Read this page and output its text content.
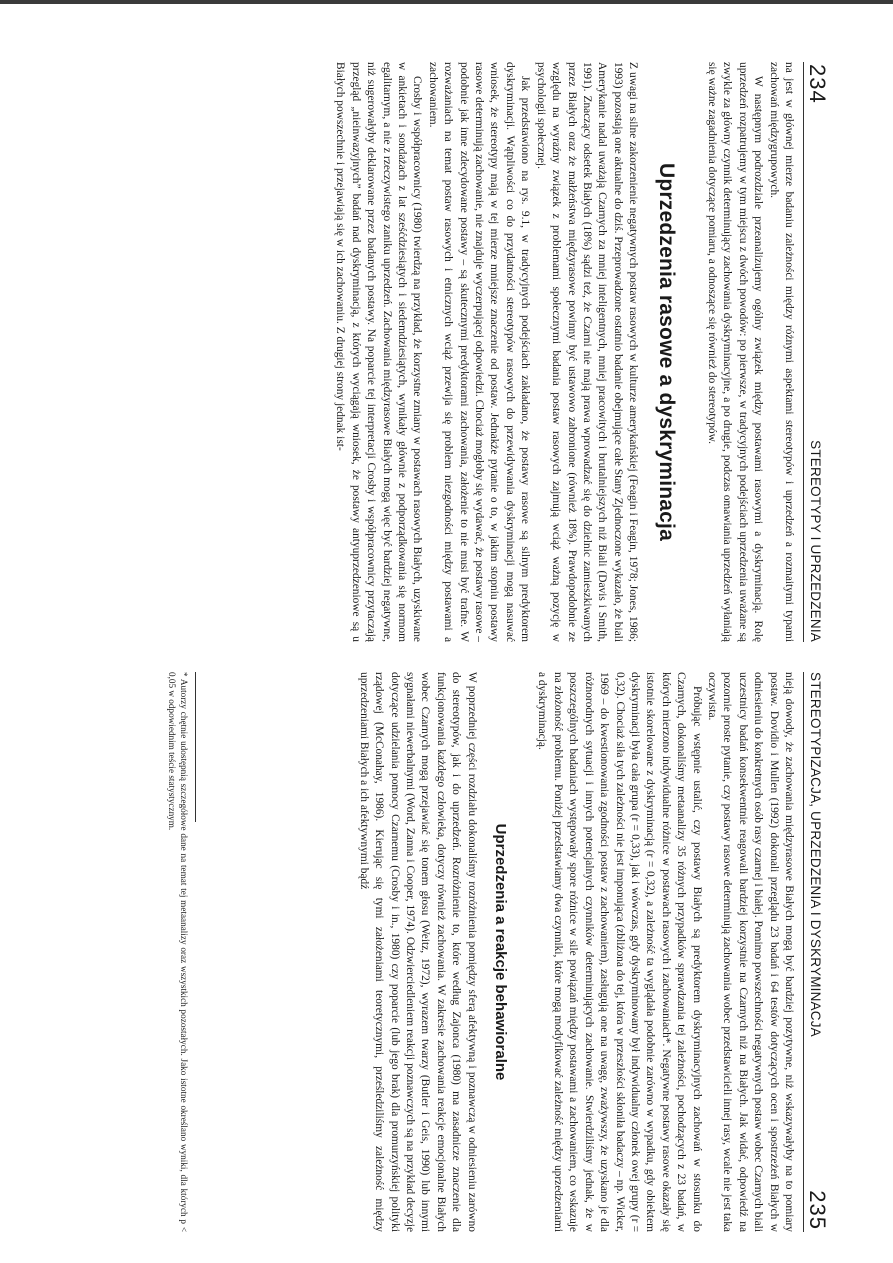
234
STEREOTYPY I UPRZEDZENIA

na jest w głównej mierze badaniu zależności między różnymi aspektami stereotypów i uprzedzeń a rozmaitymi typami zachowań międzygrupowych.

W następnym podrozdziale przeanalizujemy ogólny związek między postawami rasowymi a dyskryminacją. Rolę uprzedzeń rozpatrujemy w tym miejscu z dwóch powodów: po pierwsze, w tradycyjnych podejściach uprzedzenia uważane są zwykle za główny czynnik determinujący zachowania dyskryminacyjne, a po drugie, podczas omawiania uprzedzeń wyłaniają się ważne zagadnienia dotyczące pomiaru, a odnoszące się również do stereotypów.

Uprzedzenia rasowe a dyskryminacja

Z uwagi na silne zakorzenienie negatywnych postaw rasowych w kulturze amerykańskiej (Feagin i Feagin, 1978; Jones, 1986; 1993) pozostają one aktualne do dziś. Przeprowadzone ostatnio badanie obejmujące całe Stany Zjednoczone wykazało, że biali Amerykanie nadal uważają Czarnych za mniej inteligentnych, mniej pracowitych i brutalniejszych niż Biali (Davis i Smith, 1991). Znaczący odsetek Białych (18%) sądzi też, że Czarni nie mają prawa wprowadzać się do dzielnic zamieszkiwanych przez Białych oraz że małżeństwa międzyrasowe powinny być ustawowo zabronione (również 18%). Prawdopodobnie ze względu na wyraźny związek z problemami społecznymi badania postaw rasowych zajmują wciąż ważną pozycję w psychologii społecznej.

Jak przedstawiono na rys. 9.1, w tradycyjnych podejściach zakładano, że postawy rasowe są silnym predyktorem dyskryminacji. Wątpliwości co do przydatności stereotypów rasowych do przewidywania dyskryminacji mogą nasuwać wniosek, że stereotypy mają w tej mierze mniejsze znaczenie od postaw. Jednakże pytanie o to, w jakim stopniu postawy rasowe determinują zachowanie, nie znajduje wyczerpującej odpowiedzi. Chociaż mogłoby się wydawać, że postawy rasowe – podobnie jak inne zdecydowane postawy – są skutecznymi predyktorami zachowania, założenie to nie musi być trafne. W rozważaniach na temat postaw rasowych i etnicznych wciąż przewija się problem niezgodności między postawami a zachowaniem.

Crosby i współpracownicy (1980) twierdzą na przykład, że korzystne zmiany w postawach rasowych Białych, uzyskiwane w ankietach i sondażach z lat sześćdziesiątych i siedemdziesiątych, wynikały głównie z podporządkowania się normom egalitarnym, a nie z rzeczywistego zaniku uprzedzeń. Zachowania międzyrasowe Białych mogą więc być bardziej negatywne, niż sugerowałyby deklarowane przez badanych postawy. Na poparcie tej interpretacji Crosby i współpracownicy przytaczają przegląd „nieinwazyjnych” badań nad dyskryminacją, z których wyciągają wniosek, że postawy antyuprzedzeniowe są u Białych powszechnie i przejawiają się w ich zachowaniu. Z drugiej strony jednak ist-

STEREOTYPIZACJA, UPRZEDZENIA I DYSKRYMINACJA
235

nieją dowody, że zachowania międzyrasowe Białych mogą być bardziej pozytywne, niż wskazywałyby na to pomiary postaw. Dovidio i Mullen (1992) dokonali przeglądu 23 badań i 64 testów dotyczących ocen i spostrzeżeń Białych w odniesieniu do konkretnych osób rasy czarnej i białej. Pomimo powszechności negatywnych postaw wobec Czarnych biali uczestnicy badań konsekwentnie reagowali bardziej korzystnie na Czarnych niż na Białych. Jak widać, odpowiedź na pozornie proste pytanie, czy postawy rasowe determinują zachowania wobec przedstawicieli innej rasy, wcale nie jest taka oczywista.

Próbując wstępnie ustalić, czy postawy Białych są predyktorem dyskryminacyjnych zachowań w stosunku do Czarnych, dokonaliśmy metaanalizy 35 różnych przypadków sprawdzania tej zależności, pochodzących z 23 badań, w których mierzono indywidualne różnice w postawach rasowych i zachowaniach*. Negatywne postawy rasowe okazały się istotnie skorelowane z dyskryminacją (r = 0,32), a zależność ta wyglądała podobnie zarówno w wypadku, gdy obiektem dyskryminacji była cała grupa (r = 0,33), jak i wówczas, gdy dyskryminowany był indywidualny członek owej grupy (r = 0,32). Chociaż siła tych zależności nie jest imponująca (zbliżona do tej, która w przeszłości skłoniła badaczy – np. Wicker, 1969 – do kwestionowania zgodności postaw z zachowaniem), zasługują one na uwagę, zważywszy, że uzyskano je dla różnorodnych sytuacji i innych potencjalnych czynników determinujących zachowanie. Stwierdziliśmy jednak, że w poszczególnych badaniach występowały spore różnice w sile powiązań między postawami a zachowaniem, co wskazuje na złożoność problemu. Poniżej przedstawiamy dwa czynniki, które mogą modyfikować zależność między uprzedzeniami a dyskryminacją.

Uprzedzenia a reakcje behawioralne

W poprzedniej części rozdziału dokonaliśmy rozróżnienia pomiędzy sferą afektywną i poznawczą w odniesieniu zarówno do stereotypów, jak i do uprzedzeń. Rozróżnienie to, które według Zajonca (1980) ma zasadnicze znaczenie dla funkcjonowania każdego człowieka, dotyczy również zachowania. W zakresie zachowania reakcje emocjonalne Białych wobec Czarnych mogą przejawiać się tonem głosu (Weitz, 1972), wyrazem twarzy (Butler i Geis, 1990) lub innymi sygnałami niewerbalnymi (Word, Zanna i Cooper, 1974). Odzwierciedleniem reakcji poznawczych są na przykład decyzje dotyczące udzielania pomocy Czarnemu (Crosby i in., 1980) czy poparcie (lub jego brak) dla promurzyńskiej polityki rządowej (McConahay, 1986). Kierując się tymi założeniami teoretycznymi, prześledziliśmy zależność między uprzedzeniami Białych a ich afektywnymi bądź

* Autorzy chętnie udostępnią szczegółowe dane na temat tej metaanalizy oraz wszystkich pozostałych. Jako istotne określano wyniki, dla których p < 0,05 w odpowiednim teście statystycznym.
